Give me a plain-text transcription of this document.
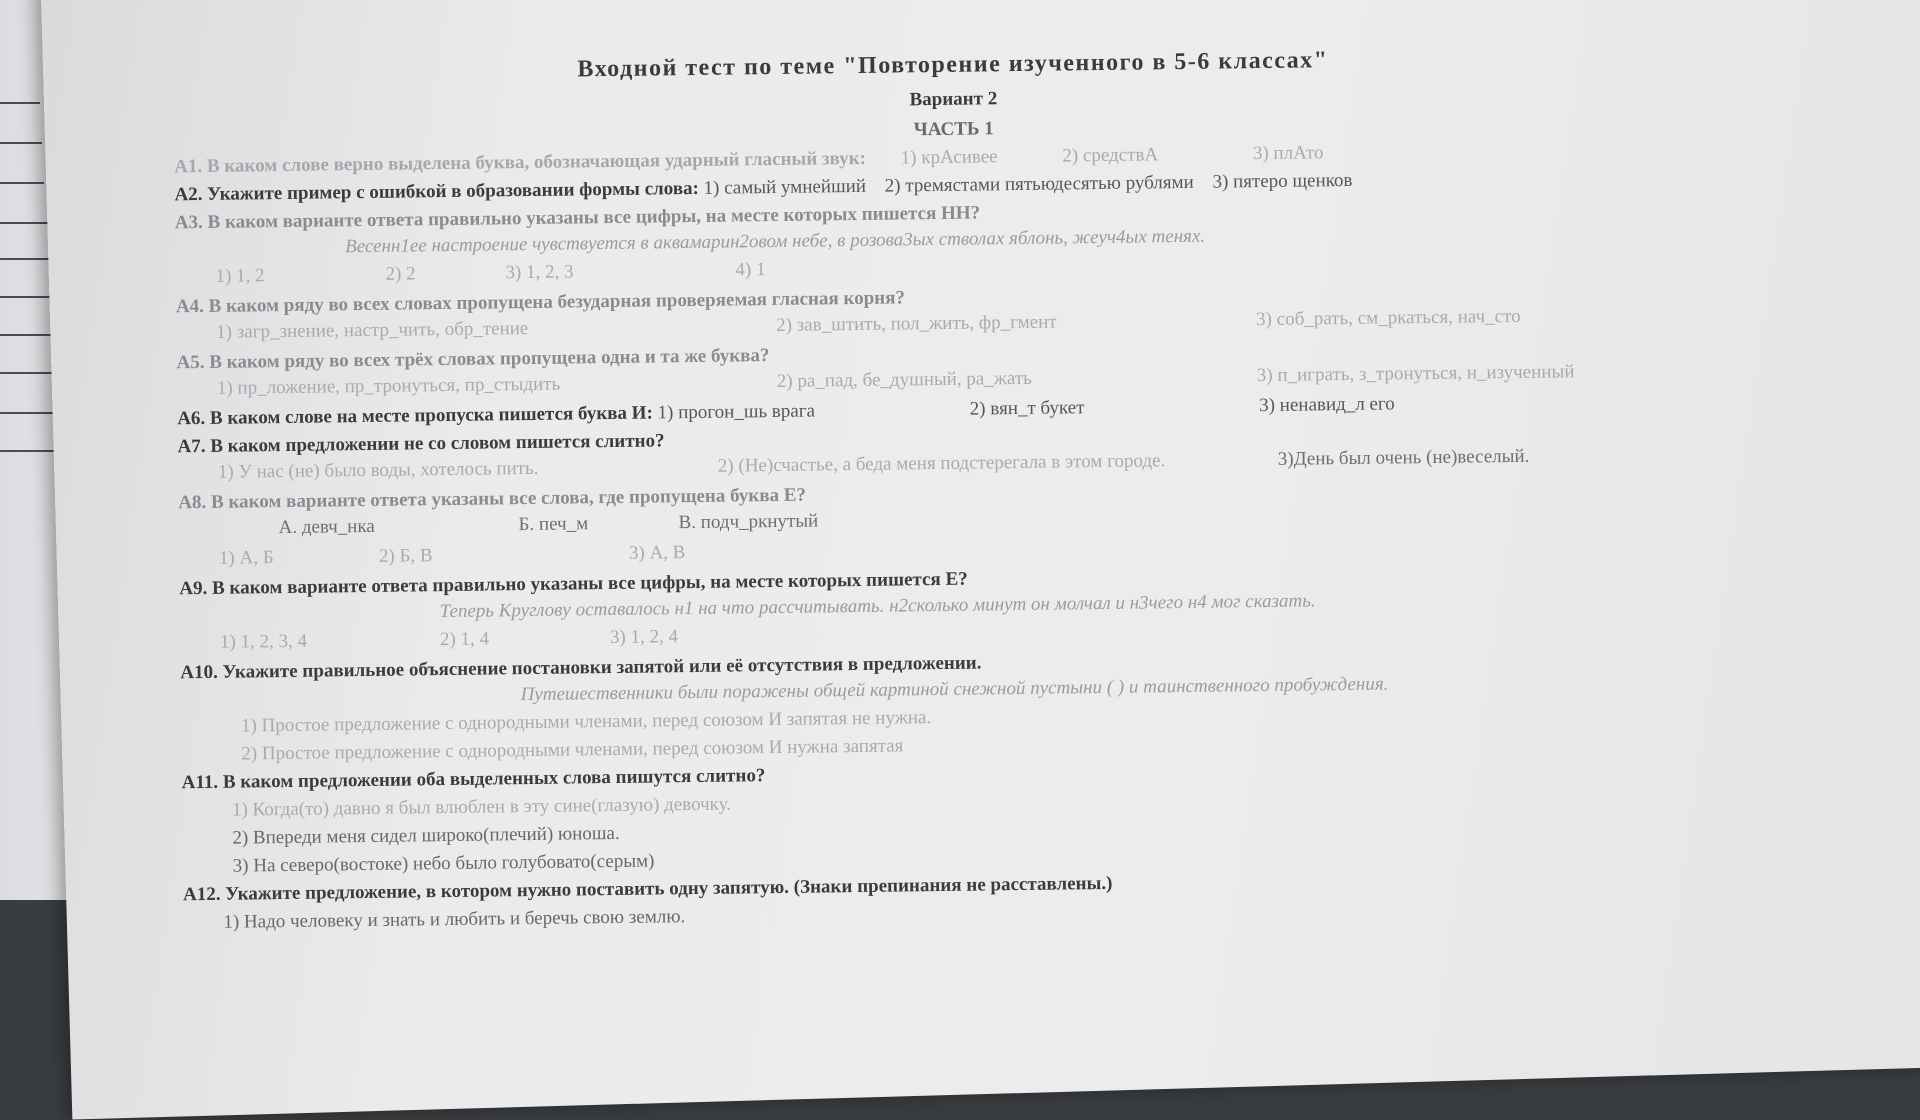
Входной тест по теме "Повторение изученного в 5-6 классах"
Вариант 2
ЧАСТЬ 1
А1. В каком слове верно выделена буква, обозначающая ударный гласный звук: 1) крАсивее	2) средствА	3) плАто
А2. Укажите пример с ошибкой в образовании формы слова: 1) самый умнейший 2) тремястами пятьюдесятью рублями 3) пятеро щенков
А3. В каком варианте ответа правильно указаны все цифры, на месте которых пишется НН?
Весенн1ее настроение чувствуется в аквамарин2овом небе, в розова3ых стволах яблонь, жеуч4ых тенях.
1) 1, 2	2) 2	3) 1, 2, 3	4) 1
А4. В каком ряду во всех словах пропущена безударная проверяемая гласная корня?
1) загр_знение, настр_чить, обр_тение	2) зав_штить, пол_жить, фр_гмент	3) соб_рать, см_ркаться, нач_сто
А5. В каком ряду во всех трёх словах пропущена одна и та же буква?
1) пр_ложение, пр_тронуться, пр_стыдить	2) ра_пад, бе_душный, ра_жать	3) п_играть, з_тронуться, н_изученный
А6. В каком слове на месте пропуска пишется буква И: 1) прогон_шь врага	2) вян_т букет	3) ненавид_л его
А7. В каком предложении не со словом пишется слитно?
1) У нас (не) было воды, хотелось пить.	2) (Не)счастье, а беда меня подстерегала в этом городе.	3)День был очень (не)веселый.
А8. В каком варианте ответа указаны все слова, где пропущена буква Е?
А. девч_нка	Б. печ_м	В. подч_ркнутый
1) А, Б	2) Б, В	3) А, В
А9. В каком варианте ответа правильно указаны все цифры, на месте которых пишется Е?
Теперь Круглову оставалось н1 на что рассчитывать. н2сколько минут он молчал и н3чего н4 мог сказать.
1) 1, 2, 3, 4	2) 1, 4	3) 1, 2, 4
А10. Укажите правильное объяснение постановки запятой или её отсутствия в предложении.
Путешественники были поражены общей картиной снежной пустыни ( ) и таинственного пробуждения.
1) Простое предложение с однородными членами, перед союзом И запятая не нужна.
2) Простое предложение с однородными членами, перед союзом И нужна запятая
А11. В каком предложении оба выделенных слова пишутся слитно?
1) Когда(то) давно я был влюблен в эту сине(глазую) девочку.
2) Впереди меня сидел широко(плечий) юноша.
3) На северо(востоке) небо было голубовато(серым)
А12. Укажите предложение, в котором нужно поставить одну запятую. (Знаки препинания не расставлены.)
1) Надо человеку и знать и любить и беречь свою землю.
